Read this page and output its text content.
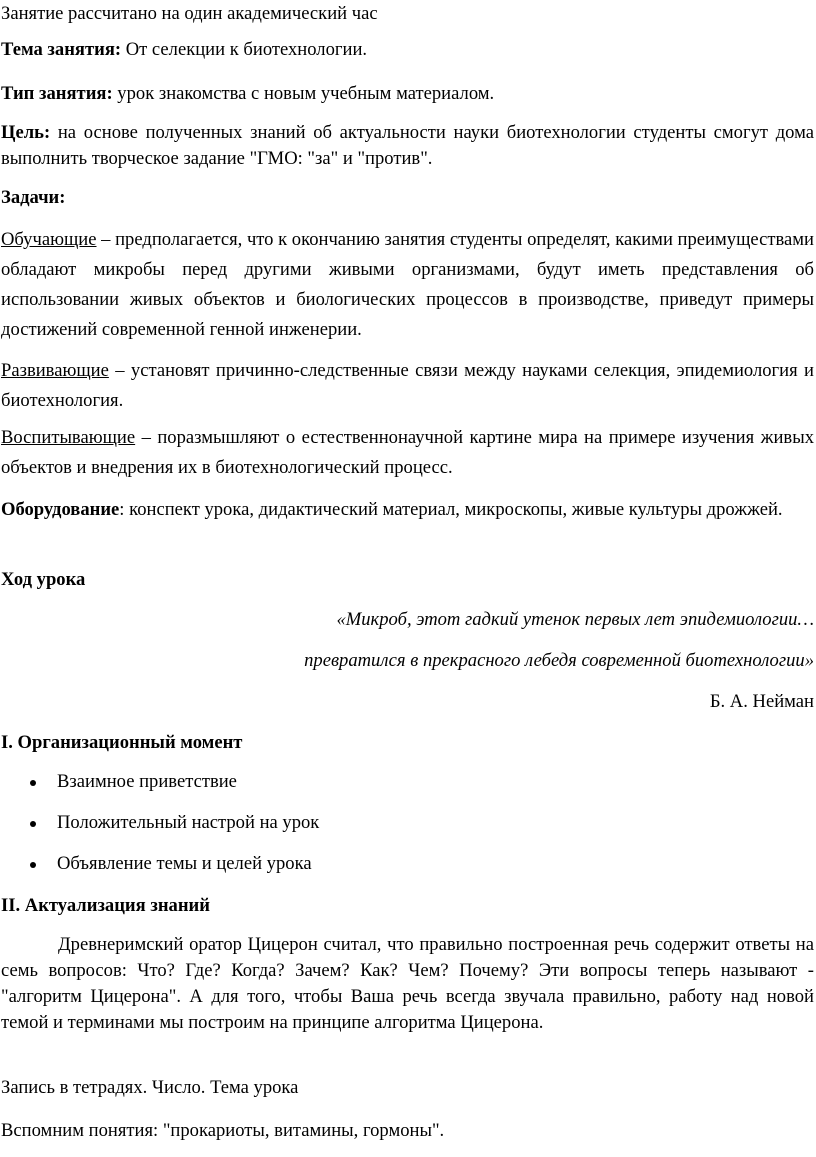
Занятие рассчитано на один академический час

Тема занятия: От селекции к биотехнологии.

Тип занятия: урок знакомства с новым учебным материалом.

Цель: на основе полученных знаний об актуальности науки биотехнологии студенты смогут дома выполнить творческое задание "ГМО: "за" и "против".

Задачи:

Обучающие – предполагается, что к окончанию занятия студенты определят, какими преимуществами обладают микробы перед другими живыми организмами, будут иметь представления об использовании живых объектов и биологических процессов в производстве, приведут примеры достижений современной генной инженерии.

Развивающие – установят причинно-следственные связи между науками селекция, эпидемиология и биотехнология.

Воспитывающие – поразмышляют о естественнонаучной картине мира на примере изучения живых объектов и внедрения их в биотехнологический процесс.

Оборудование: конспект урока, дидактический материал, микроскопы, живые культуры дрожжей.

Ход урока

«Микроб, этот гадкий утенок первых лет эпидемиологии…

превратился в прекрасного лебедя современной биотехнологии»

Б. А. Нейман

I. Организационный момент

Взаимное приветствие
Положительный настрой на урок
Объявление темы и целей урока

II. Актуализация знаний

Древнеримский оратор Цицерон считал, что правильно построенная речь содержит ответы на семь вопросов: Что? Где? Когда? Зачем? Как? Чем? Почему? Эти вопросы теперь называют - "алгоритм Цицерона". А для того, чтобы Ваша речь всегда звучала правильно, работу над новой темой и терминами мы построим на принципе алгоритма Цицерона.

Запись в тетрадях. Число. Тема урока

Вспомним понятия: "прокариоты, витамины, гормоны".
